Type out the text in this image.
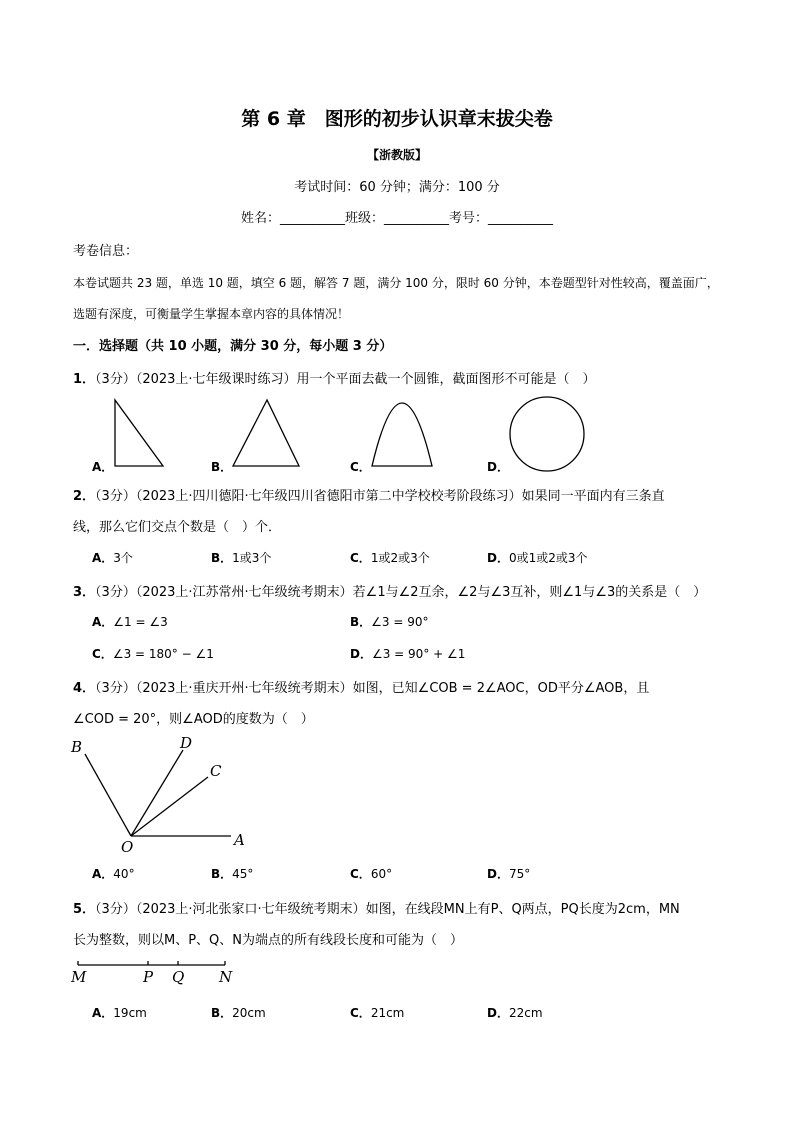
第 6 章　图形的初步认识章末拔尖卷
【浙教版】
考试时间：60 分钟；满分：100 分
姓名：__________班级：__________考号：__________
考卷信息：
本卷试题共 23 题，单选 10 题，填空 6 题，解答 7 题，满分 100 分，限时 60 分钟，本卷题型针对性较高，覆盖面广，选题有深度，可衡量学生掌握本章内容的具体情况！
一．选择题（共 10 小题，满分 30 分，每小题 3 分）
1．（3分）（2023上·七年级课时练习）用一个平面去截一个圆锥，截面图形不可能是（　）
A．	B．	C．	D．
2．（3分）（2023上·四川德阳·七年级四川省德阳市第二中学校校考阶段练习）如果同一平面内有三条直
线，那么它们交点个数是（　）个．
A．3个	B．1或3个	C．1或2或3个	D．0或1或2或3个
3．（3分）（2023上·江苏常州·七年级统考期末）若∠1与∠2互余，∠2与∠3互补，则∠1与∠3的关系是（　）
A．∠1 = ∠3	B．∠3 = 90°
C．∠3 = 180° − ∠1	D．∠3 = 90° + ∠1
4．（3分）（2023上·重庆开州·七年级统考期末）如图，已知∠COB = 2∠AOC，OD平分∠AOB，且
∠COD = 20°，则∠AOD的度数为（　）
B	D
C
O	A
A．40°	B．45°	C．60°	D．75°
5．（3分）（2023上·河北张家口·七年级统考期末）如图，在线段MN上有P、Q两点，PQ长度为2cm，MN
长为整数，则以M、P、Q、N为端点的所有线段长度和可能为（　）
M	P Q N
A．19cm	B．20cm	C．21cm	D．22cm
